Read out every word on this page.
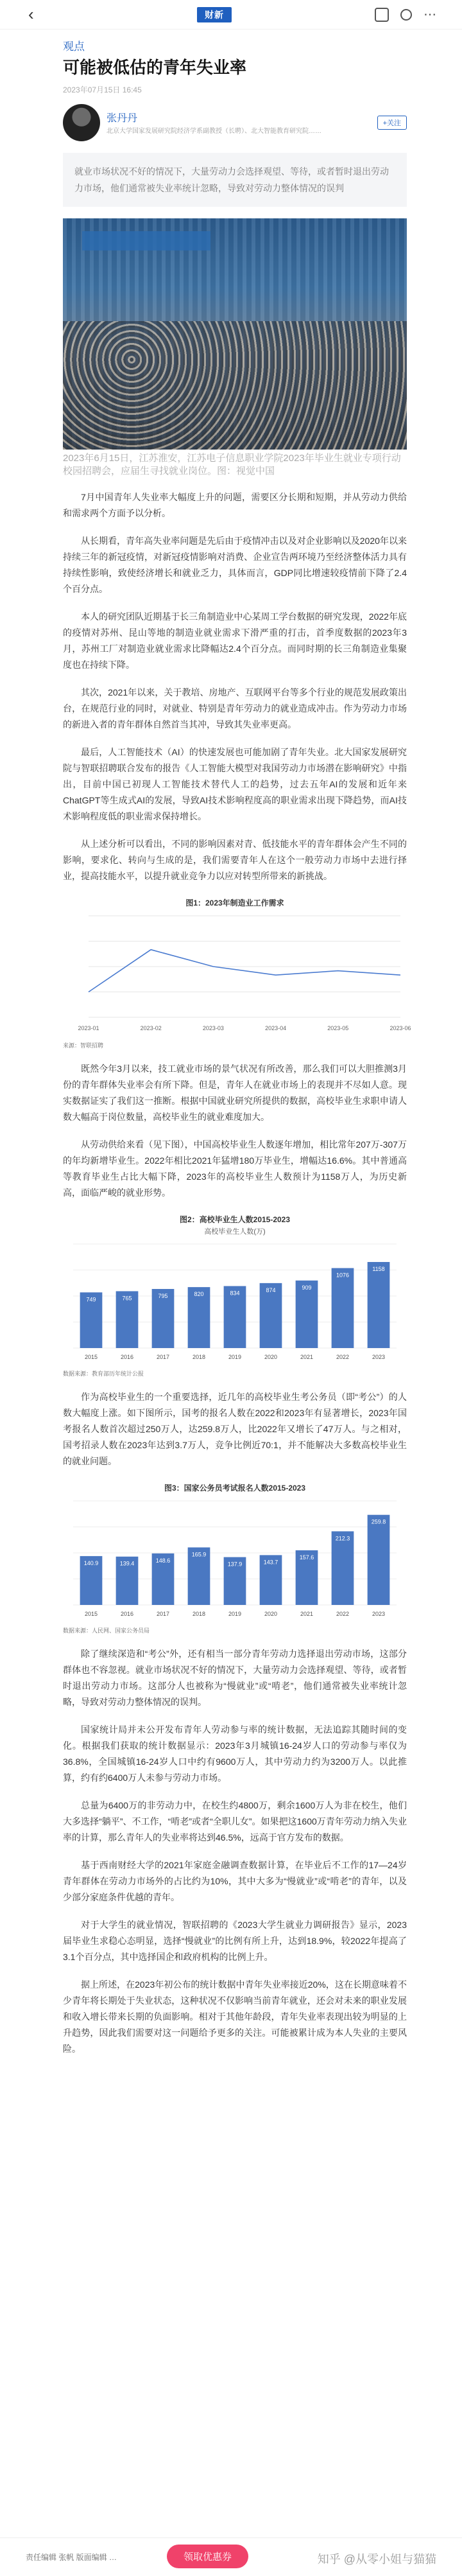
‹	财新	⋯
观点
可能被低估的青年失业率
2023年07月15日 16:45
张丹丹
北京大学国家发展研究院经济学系副教授（长聘）、北大智能教育研究院……
+关注
就业市场状况不好的情况下，大量劳动力会选择观望、等待，或者暂时退出劳动力市场，他们通常被失业率统计忽略，导致对劳动力整体情况的误判
2023年6月15日，江苏淮安，江苏电子信息职业学院2023年毕业生就业专项行动校园招聘会，应届生寻找就业岗位。图：视觉中国

7月中国青年人失业率大幅度上升的问题，需要区分长期和短期，并从劳动力供给和需求两个方面予以分析。

从长期看，青年高失业率问题是先后由于疫情冲击以及对企业影响以及2020年以来持续三年的新冠疫情，对新冠疫情影响对消费、企业宣告两环境乃至经济整体活力具有持续性影响，致使经济增长和就业乏力，具体而言，GDP同比增速较疫情前下降了2.4个百分点。

本人的研究团队近期基于长三角制造业中心某周工学台数据的研究发现，2022年底的疫情对苏州、昆山等地的制造业就业需求下滑严重的打击，首季度数据的2023年3月，苏州工厂对制造业就业需求比降幅达2.4个百分点。而同时期的长三角制造业集聚度也在持续下降。

其次，2021年以来，关于教培、房地产、互联网平台等多个行业的规范发展政策出台，在规范行业的同时，对就业、特别是青年劳动力的就业造成冲击。作为劳动力市场的新进入者的青年群体自然首当其冲，导致其失业率更高。

最后，人工智能技术（AI）的快速发展也可能加剧了青年失业。北大国家发展研究院与智联招聘联合发布的报告《人工智能大模型对我国劳动力市场潜在影响研究》中指出，目前中国已初现人工智能技术替代人工的趋势，过去五年AI的发展和近年来ChatGPT等生成式AI的发展，导致AI技术影响程度高的职业需求出现下降趋势，而AI技术影响程度低的职业需求保持增长。

从上述分析可以看出，不同的影响因素对青、低技能水平的青年群体会产生不同的影响，要求化、转向与生成的是，我们需要青年人在这个一般劳动力市场中去进行择业，提高技能水平，以提升就业竞争力以应对转型所带来的新挑战。

图1：2023年制造业工作需求
2023-01	2023-02	2023-03	2023-04	2023-05	2023-06
来源：智联招聘

既然今年3月以来，技工就业市场的景气状况有所改善，那么我们可以大胆推测3月份的青年群体失业率会有所下降。但是，青年人在就业市场上的表现并不尽如人意。现实数据证实了我们这一推断。根据中国就业研究所提供的数据，高校毕业生求职申请人数大幅高于岗位数量，高校毕业生的就业难度加大。

从劳动供给来看（见下图），中国高校毕业生人数逐年增加，相比常年207万-307万的年均新增毕业生。2022年相比2021年猛增180万毕业生，增幅达16.6%。其中普通高等教育毕业生占比大幅下降，2023年的高校毕业生人数预计为1158万人，为历史新高，面临严峻的就业形势。

图2：高校毕业生人数2015-2023
高校毕业生人数(万)
749
2015
765
2016
795
2017
820
2018
834
2019
874
2020
909
2021
1076
2022
1158
2023
数据来源：教育部历年统计公报

作为高校毕业生的一个重要选择，近几年的高校毕业生考公务员（即“考公”）的人数大幅度上涨。如下图所示，国考的报名人数在2022和2023年有显著增长，2023年国考报名人数首次超过250万人，达259.8万人，比2022年又增长了47万人。与之相对，国考招录人数在2023年达到3.7万人，竞争比例近70:1，并不能解决大多数高校毕业生的就业问题。

图3：国家公务员考试报名人数2015-2023
140.9
2015
139.4
2016
148.6
2017
165.9
2018
137.9
2019
143.7
2020
157.6
2021
212.3
2022
259.8
2023
数据来源：人民网、国家公务员局

除了继续深造和“考公”外，还有相当一部分青年劳动力选择退出劳动市场，这部分群体也不容忽视。就业市场状况不好的情况下，大量劳动力会选择观望、等待，或者暂时退出劳动力市场。这部分人也被称为“慢就业”或“啃老”，他们通常被失业率统计忽略，导致对劳动力整体情况的误判。

国家统计局并未公开发布青年人劳动参与率的统计数据，无法追踪其随时间的变化。根据我们获取的统计数据显示：2023年3月城镇16-24岁人口的劳动参与率仅为36.8%，全国城镇16-24岁人口中约有9600万人，其中劳动力约为3200万人。以此推算，约有约6400万人未参与劳动力市场。

总量为6400万的非劳动力中，在校生约4800万，剩余1600万人为非在校生，他们大多选择“躺平”、不工作，“啃老”或者“全职儿女”。如果把这1600万青年劳动力纳入失业率的计算，那么青年人的失业率将达到46.5%，远高于官方发布的数据。

基于西南财经大学的2021年家庭金融调查数据计算，在毕业后不工作的17—24岁青年群体在劳动力市场外的占比约为10%，其中大多为“慢就业”或“啃老”的青年，以及少部分家庭条件优越的青年。

对于大学生的就业情况，智联招聘的《2023大学生就业力调研报告》显示，2023届毕业生求稳心态明显，选择“慢就业”的比例有所上升，达到18.9%，较2022年提高了3.1个百分点，其中选择国企和政府机构的比例上升。

据上所述，在2023年初公布的统计数据中青年失业率接近20%，这在长期意味着不少青年将长期处于失业状态，这种状况不仅影响当前青年就业，还会对未来的职业发展和收入增长带来长期的负面影响。相对于其他年龄段，青年失业率表现出较为明显的上升趋势，因此我们需要对这一问题给予更多的关注。可能被累计成为本人失业的主要风险。

责任编辑 张帆 版面编辑 …	领取优惠券	知乎 @从零小姐与猫猫
